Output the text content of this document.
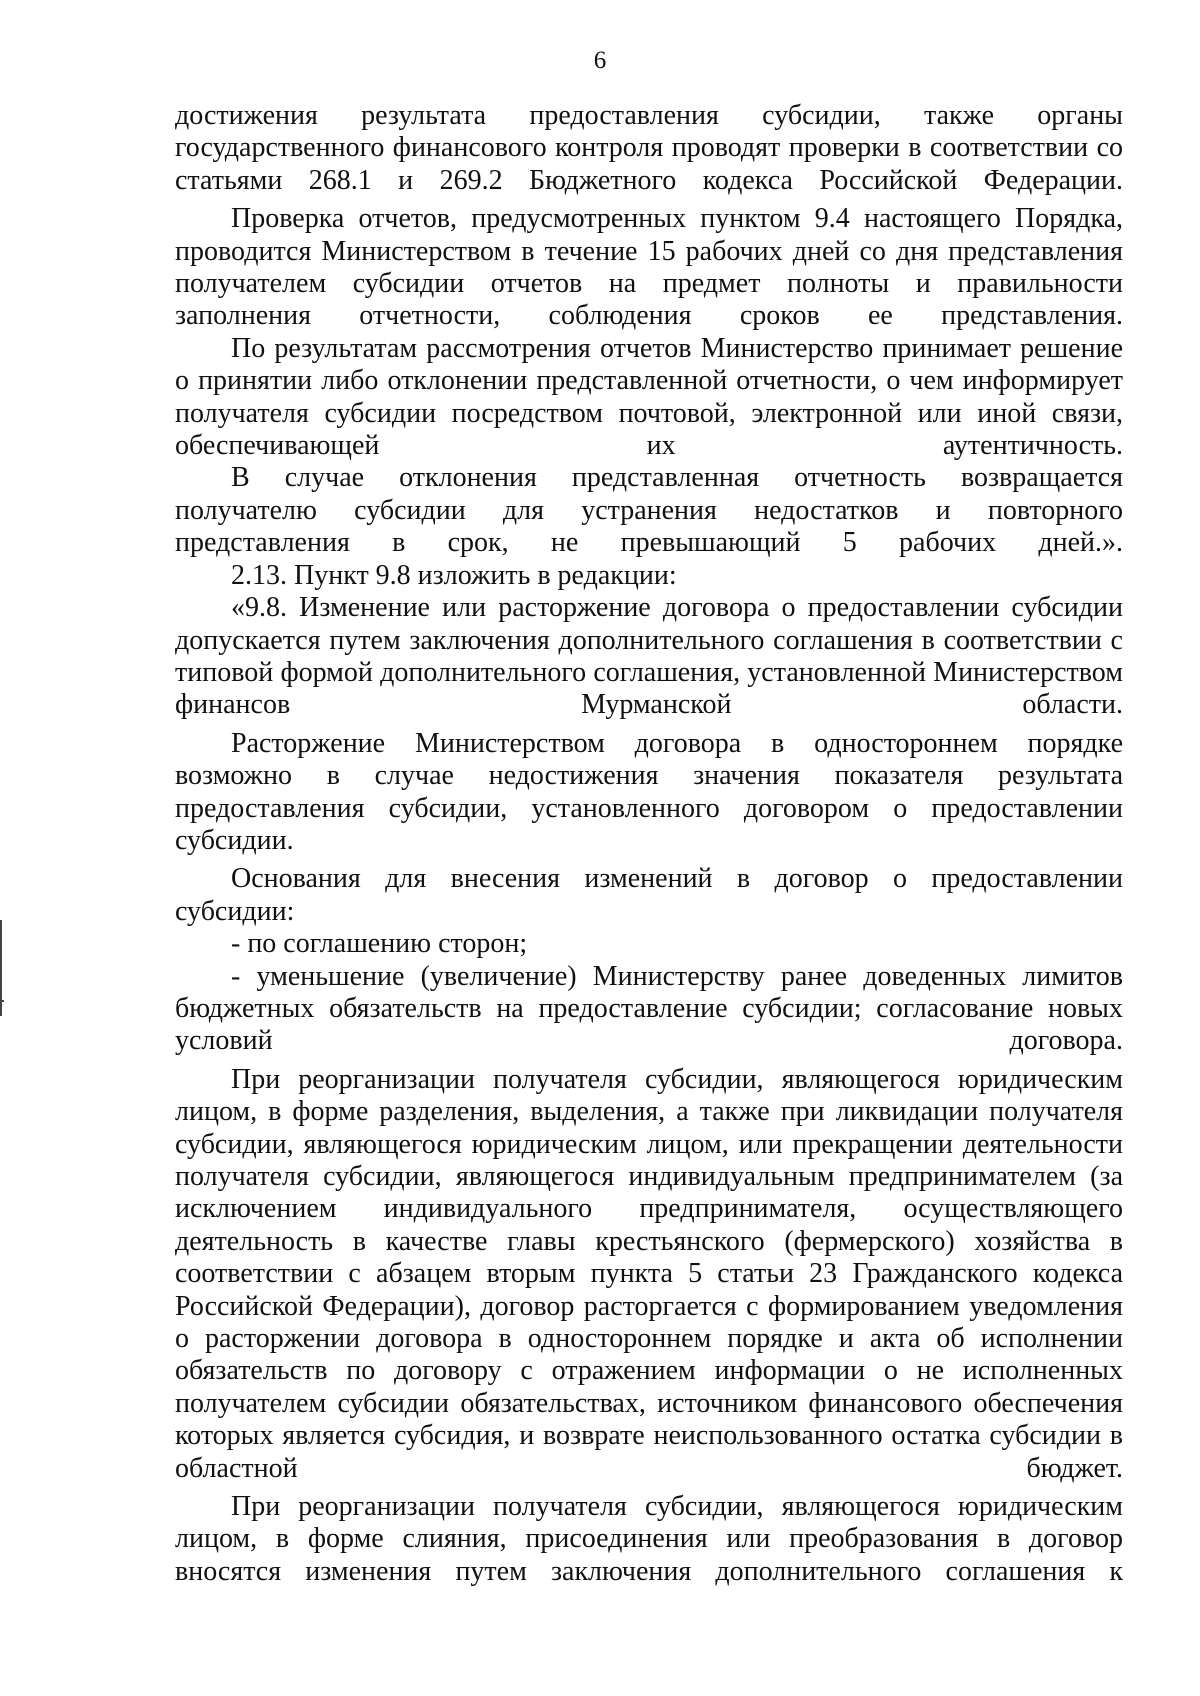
6

достижения результата предоставления субсидии, также органы государственного финансового контроля проводят проверки в соответствии со статьями 268.1 и 269.2 Бюджетного кодекса Российской Федерации.

Проверка отчетов, предусмотренных пунктом 9.4 настоящего Порядка, проводится Министерством в течение 15 рабочих дней со дня представления получателем субсидии отчетов на предмет полноты и правильности заполнения отчетности, соблюдения сроков ее представления.

По результатам рассмотрения отчетов Министерство принимает решение о принятии либо отклонении представленной отчетности, о чем информирует получателя субсидии посредством почтовой, электронной или иной связи, обеспечивающей их аутентичность.

В случае отклонения представленная отчетность возвращается получателю субсидии для устранения недостатков и повторного представления в срок, не превышающий 5 рабочих дней.».

2.13. Пункт 9.8 изложить в редакции:

«9.8. Изменение или расторжение договора о предоставлении субсидии допускается путем заключения дополнительного соглашения в соответствии с типовой формой дополнительного соглашения, установленной Министерством финансов Мурманской области.

Расторжение Министерством договора в одностороннем порядке возможно в случае недостижения значения показателя результата предоставления субсидии, установленного договором о предоставлении субсидии.

Основания для внесения изменений в договор о предоставлении субсидии:

- по соглашению сторон;

- уменьшение (увеличение) Министерству ранее доведенных лимитов бюджетных обязательств на предоставление субсидии; согласование новых условий договора.

При реорганизации получателя субсидии, являющегося юридическим лицом, в форме разделения, выделения, а также при ликвидации получателя субсидии, являющегося юридическим лицом, или прекращении деятельности получателя субсидии, являющегося индивидуальным предпринимателем (за исключением индивидуального предпринимателя, осуществляющего деятельность в качестве главы крестьянского (фермерского) хозяйства в соответствии с абзацем вторым пункта 5 статьи 23 Гражданского кодекса Российской Федерации), договор расторгается с формированием уведомления о расторжении договора в одностороннем порядке и акта об исполнении обязательств по договору с отражением информации о не исполненных получателем субсидии обязательствах, источником финансового обеспечения которых является субсидия, и возврате неиспользованного остатка субсидии в областной бюджет.

При реорганизации получателя субсидии, являющегося юридическим лицом, в форме слияния, присоединения или преобразования в договор вносятся изменения путем заключения дополнительного соглашения к
